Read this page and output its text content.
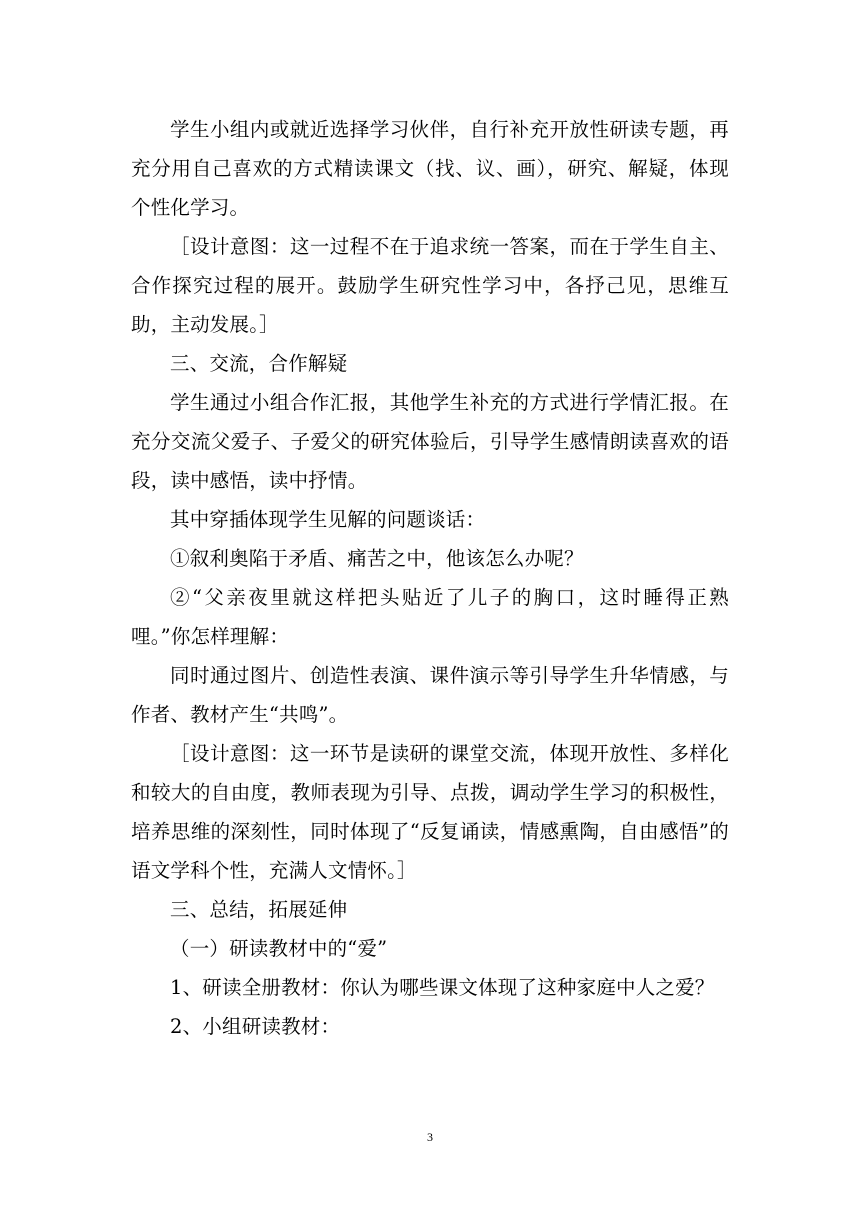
学生小组内或就近选择学习伙伴，自行补充开放性研读专题，再充分用自己喜欢的方式精读课文（找、议、画），研究、解疑，体现个性化学习。

［设计意图：这一过程不在于追求统一答案，而在于学生自主、合作探究过程的展开。鼓励学生研究性学习中，各抒己见，思维互助，主动发展。］

三、交流，合作解疑

学生通过小组合作汇报，其他学生补充的方式进行学情汇报。在充分交流父爱子、子爱父的研究体验后，引导学生感情朗读喜欢的语段，读中感悟，读中抒情。

其中穿插体现学生见解的问题谈话：

①叙利奥陷于矛盾、痛苦之中，他该怎么办呢？

②“父亲夜里就这样把头贴近了儿子的胸口，这时睡得正熟哩。”你怎样理解：

同时通过图片、创造性表演、课件演示等引导学生升华情感，与作者、教材产生“共鸣”。

［设计意图：这一环节是读研的课堂交流，体现开放性、多样化和较大的自由度，教师表现为引导、点拨，调动学生学习的积极性，培养思维的深刻性，同时体现了“反复诵读，情感熏陶，自由感悟”的语文学科个性，充满人文情怀。］

三、总结，拓展延伸

（一）研读教材中的“爱”

1、研读全册教材：你认为哪些课文体现了这种家庭中人之爱？

2、小组研读教材：

3
